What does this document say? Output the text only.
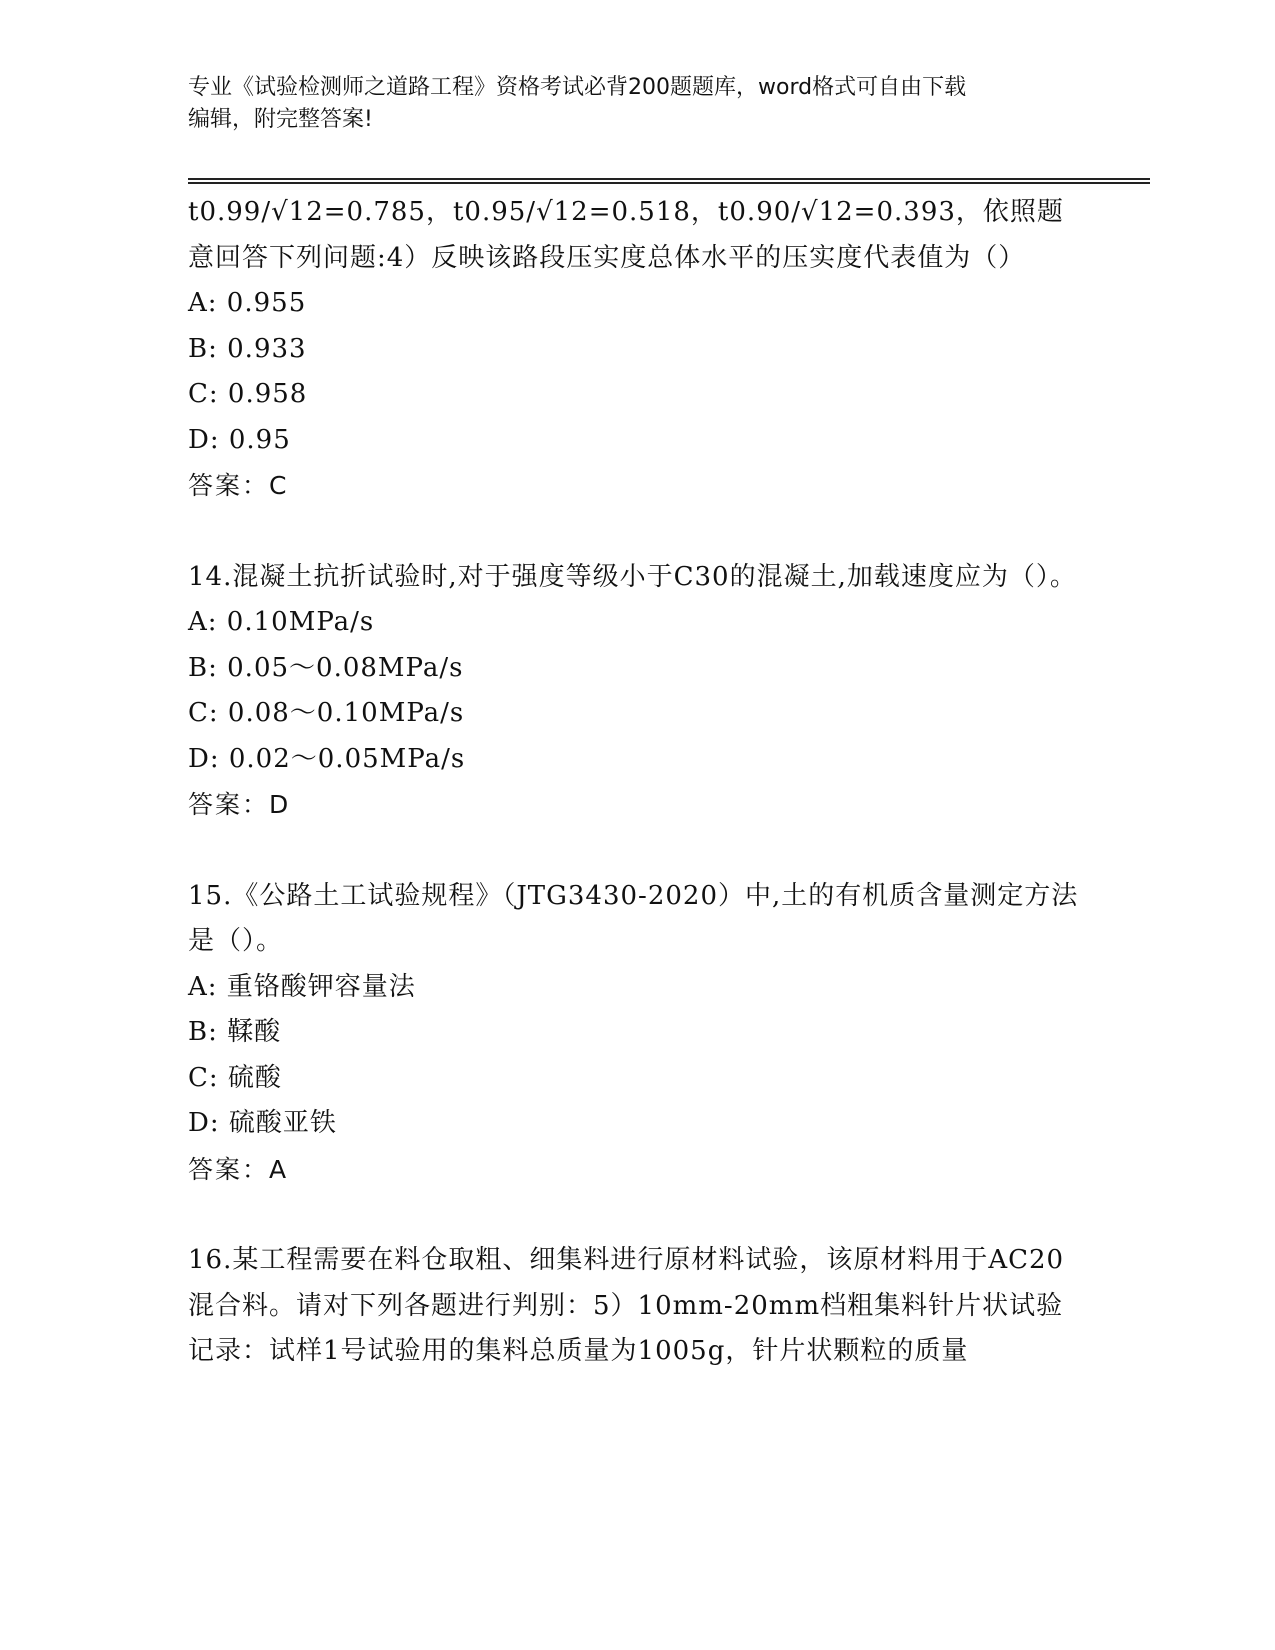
专业《试验检测师之道路工程》资格考试必背200题题库，word格式可自由下载
编辑，附完整答案!
t0.99/√12=0.785，t0.95/√12=0.518，t0.90/√12=0.393，依照题意回答下列问题:4）反映该路段压实度总体水平的压实度代表值为（）
A: 0.955
B: 0.933
C: 0.958
D: 0.95
答案：C
14.混凝土抗折试验时,对于强度等级小于C30的混凝土,加载速度应为（）。
A: 0.10MPa/s
B: 0.05～0.08MPa/s
C: 0.08～0.10MPa/s
D: 0.02～0.05MPa/s
答案：D
15.《公路土工试验规程》（JTG3430-2020）中,土的有机质含量测定方法是（）。
A: 重铬酸钾容量法
B: 鞣酸
C: 硫酸
D: 硫酸亚铁
答案：A
16.某工程需要在料仓取粗、细集料进行原材料试验，该原材料用于AC20混合料。请对下列各题进行判别：5）10mm-20mm档粗集料针片状试验记录：试样1号试验用的集料总质量为1005g，针片状颗粒的质量
